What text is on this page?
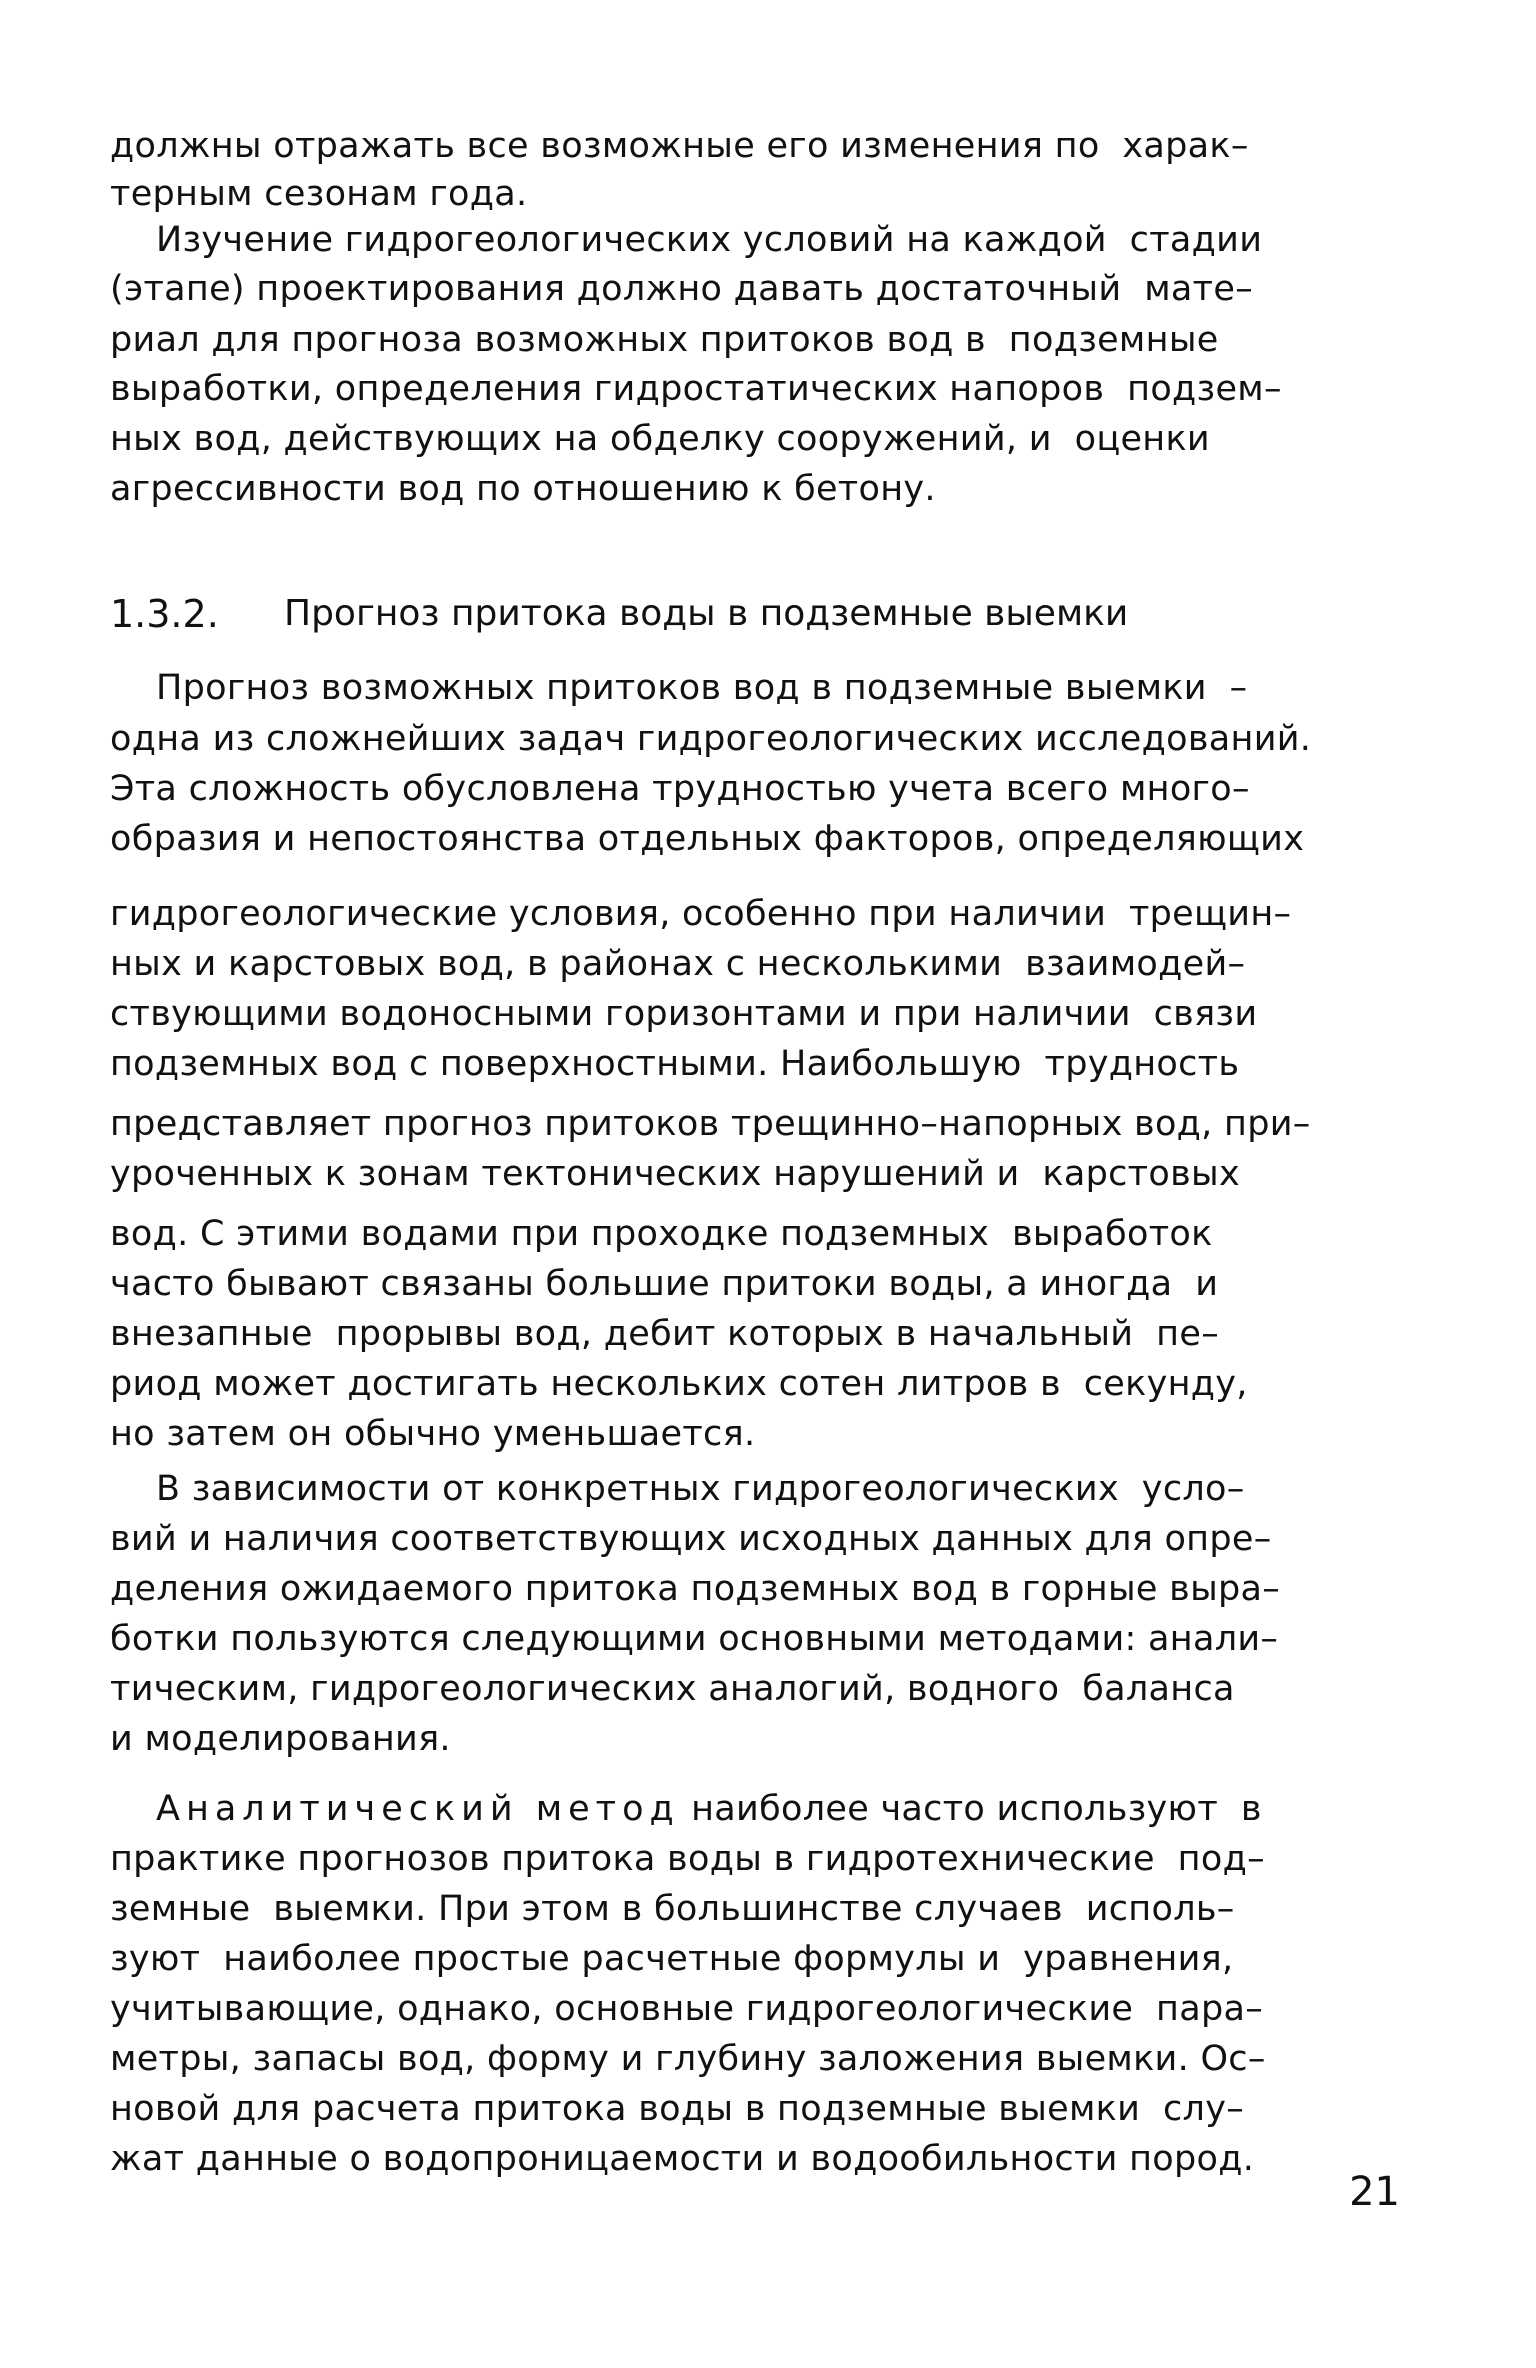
должны отражать все возможные его изменения по  харак–
терным сезонам года.
Изучение гидрогеологических условий на каждой  стадии
(этапе) проектирования должно давать достаточный  мате–
риал для прогноза возможных притоков вод в  подземные
выработки, определения гидростатических напоров  подзем–
ных вод, действующих на обделку сооружений, и  оценки
агрессивности вод по отношению к бетону.
1.3.2. Прогноз притока воды в подземные выемки
Прогноз возможных притоков вод в подземные выемки  –
одна из сложнейших задач гидрогеологических исследований.
Эта сложность обусловлена трудностью учета всего много–
образия и непостоянства отдельных факторов, определяющих
гидрогеологические условия, особенно при наличии  трещин–
ных и карстовых вод, в районах с несколькими  взаимодей–
ствующими водоносными горизонтами и при наличии  связи
подземных вод с поверхностными. Наибольшую  трудность
представляет прогноз притоков трещинно–напорных вод, при–
уроченных к зонам тектонических нарушений и  карстовых
вод. С этими водами при проходке подземных  выработок
часто бывают связаны большие притоки воды, а иногда  и
внезапные  прорывы вод, дебит которых в начальный  пе–
риод может достигать нескольких сотен литров в  секунду,
но затем он обычно уменьшается.
В зависимости от конкретных гидрогеологических  усло–
вий и наличия соответствующих исходных данных для опре–
деления ожидаемого притока подземных вод в горные выра–
ботки пользуются следующими основными методами: анали–
тическим, гидрогеологических аналогий, водного  баланса
и моделирования.
Аналитический метод наиболее часто используют  в
практике прогнозов притока воды в гидротехнические  под–
земные  выемки. При этом в большинстве случаев  исполь–
зуют  наиболее простые расчетные формулы и  уравнения,
учитывающие, однако, основные гидрогеологические  пара–
метры, запасы вод, форму и глубину заложения выемки. Ос–
новой для расчета притока воды в подземные выемки  слу–
жат данные о водопроницаемости и водообильности пород.
21
